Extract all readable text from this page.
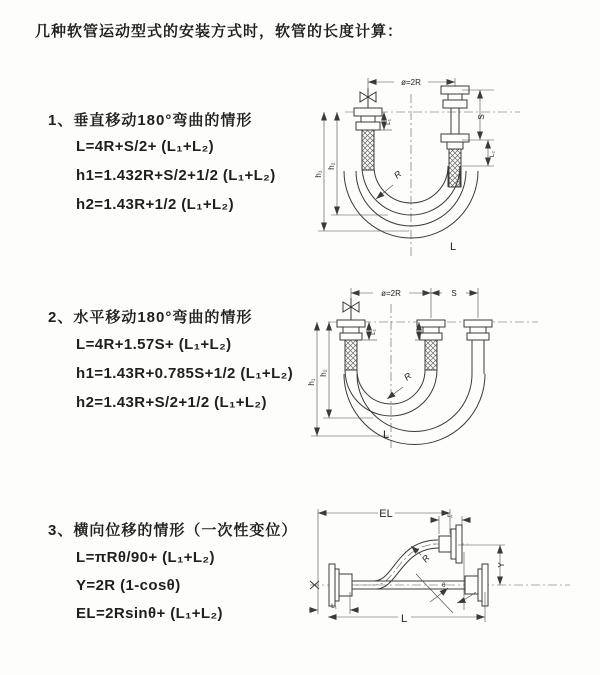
几种软管运动型式的安装方式时，软管的长度计算：
1、垂直移动180°弯曲的情形
L=4R+S/2+ (L₁+L₂)
h1=1.432R+S/2+1/2 (L₁+L₂)
h2=1.43R+1/2 (L₁+L₂)
2、水平移动180°弯曲的情形
L=4R+1.57S+ (L₁+L₂)
h1=1.43R+0.785S+1/2 (L₁+L₂)
h2=1.43R+S/2+1/2 (L₁+L₂)
3、横向位移的情形（一次性变位）
L=πRθ/90+ (L₁+L₂)
Y=2R (1-cosθ)
EL=2Rsinθ+ (L₁+L₂)
ø=2R
h₁
h₂
L₁
S
L₂
R
L
ø=2R	S
h₁
h₂
L₁
R
L
EL	L₁
Y
θ
R
L₁
L
